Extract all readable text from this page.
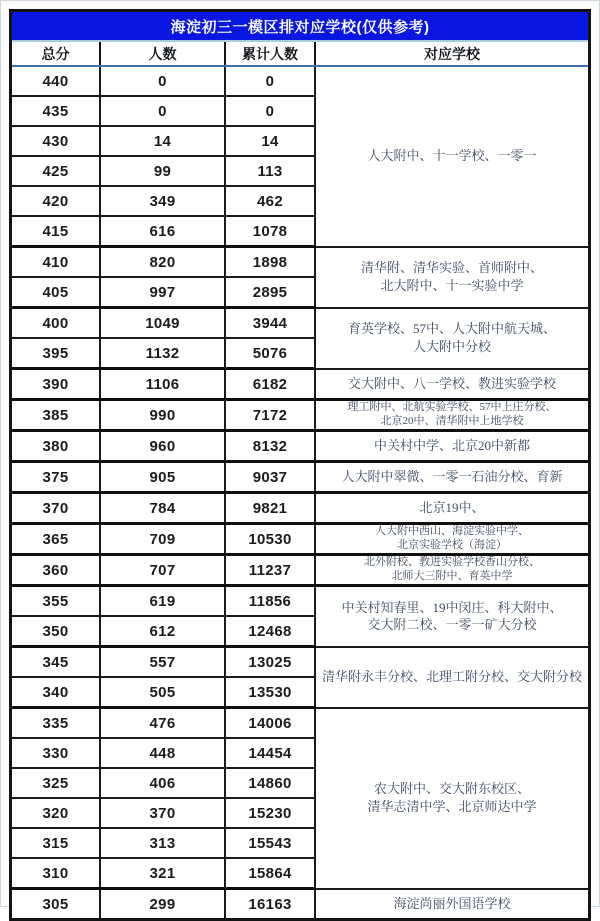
海淀初三一模区排对应学校(仅供参考)
总分	人数	累计人数	对应学校
440	0	0	人大附中、十一学校、一零一

435	0	0	
430	14	14	
425	99	113	
420	349	462	
415	616	1078	
410	820	1898	清华附、清华实验、首师附中、
北大附中、十一实验中学

405	997	2895	
400	1049	3944	育英学校、57中、人大附中航天城、
人大附中分校

395	1132	5076	
390	1106	6182	交大附中、八一学校、教进实验学校

385	990	7172	理工附中、北航实验学校、57中上庄分校、
北京20中、清华附中上地学校

380	960	8132	中关村中学、北京20中新都

375	905	9037	人大附中翠微、一零一石油分校、育新

370	784	9821	北京19中、

365	709	10530	人大附中西山、海淀实验中学、
北京实验学校（海淀）

360	707	11237	北外附校、教进实验学校香山分校、
北师大三附中、育英中学

355	619	11856	中关村知春里、19中闵庄、科大附中、
交大附二校、一零一矿大分校

350	612	12468	
345	557	13025	清华附永丰分校、北理工附分校、交大附分校

340	505	13530	
335	476	14006	农大附中、交大附东校区、
清华志清中学、北京师达中学

330	448	14454	
325	406	14860	
320	370	15230	
315	313	15543	
310	321	15864	
305	299	16163	海淀尚丽外国语学校
